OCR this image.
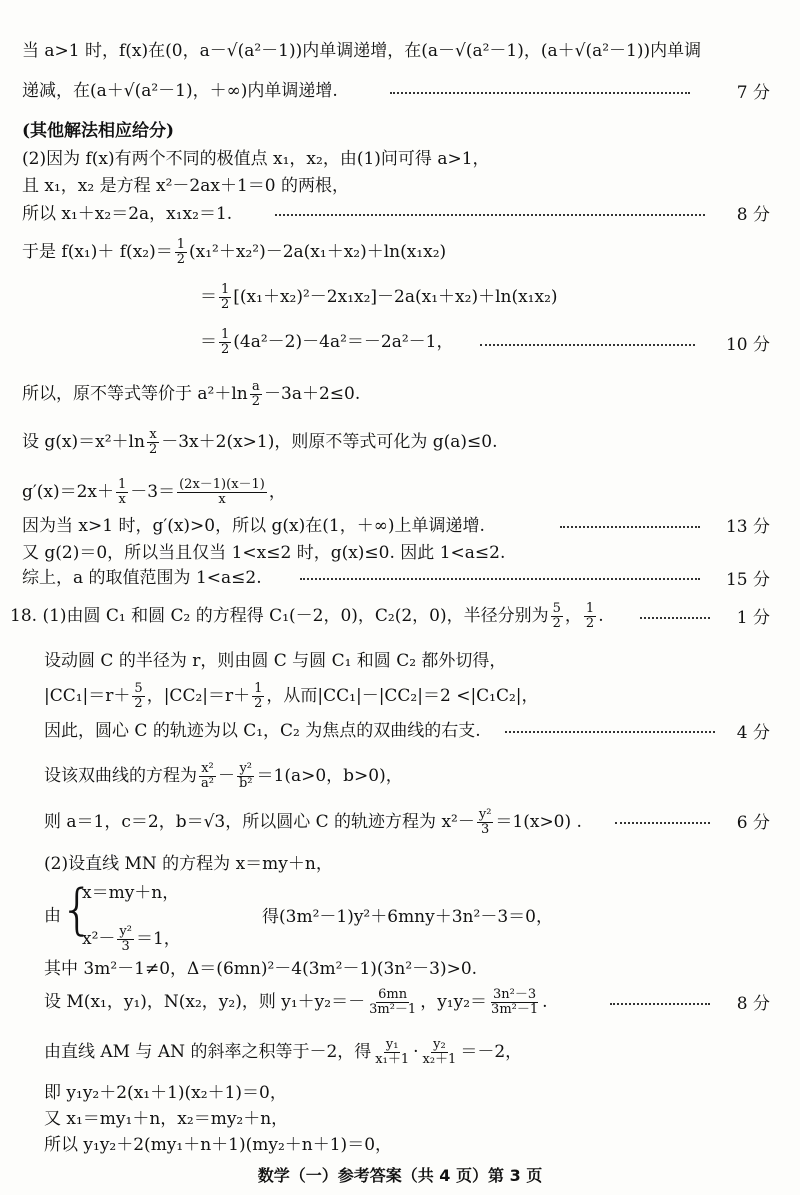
当 a>1 时，f(x)在(0，a－√(a²－1))内单调递增，在(a－√(a²－1)，(a＋√(a²－1))内单调
递减，在(a＋√(a²－1)，＋∞)内单调递增.	7 分
(其他解法相应给分)
(2)因为 f(x)有两个不同的极值点 x₁，x₂，由(1)问可得 a>1，
且 x₁，x₂ 是方程 x²－2ax＋1＝0 的两根，
所以 x₁＋x₂＝2a，x₁x₂＝1.	8 分
于是 $f(x_1)+ f(x_2)= \frac{1}{2} (x_1^2+x_2^2)-2a(x_1+x_2)+\ln(x_1x_2)$
＝ $\frac{1}{2} [(x_1+x_2)^2-2x_1x_2]-2a(x_1+x_2)+\ln(x_1x_2)$
＝ $\frac{1}{2} (4a^2-2)-4a^2=-2a^2-1$，	10 分
所以，原不等式等价于 $a^2+\ln \frac{a}{2} -3a+2\le 0$.
设 $g(x)=x^2+\ln \frac{x}{2} -3x+2(x>1)$，则原不等式可化为 g(a)≤0.
$g'(x)=2x+ \frac{1}{x} -3= \frac{(2x-1)(x-1)}{x}$ ，
因为当 x>1 时，g′(x)>0，所以 g(x)在(1，＋∞)上单调递增.	13 分
又 g(2)＝0，所以当且仅当 1<x≤2 时，g(x)≤0. 因此 1<a≤2.
综上，a 的取值范围为 1<a≤2.	15 分
18. (1)由圆 C₁ 和圆 C₂ 的方程得 C₁(－2，0)，C₂(2，0)，半径分别为 $\frac{5}{2}$ ， $\frac{1}{2}$ .	1 分
设动圆 C 的半径为 r，则由圆 C 与圆 C₁ 和圆 C₂ 都外切得，
$|CC_1|=r+ \frac{5}{2}$ ，$|CC_2|=r+ \frac{1}{2}$ ，从而|CC₁|－|CC₂|＝2 <|C₁C₂|，
因此，圆心 C 的轨迹为以 C₁，C₂ 为焦点的双曲线的右支.	4 分
设该双曲线的方程为 $\frac{\text{x²}}{\text{a²}} - \frac{\text{y²}}{\text{b²}} =1(a>0$，b>0)，
则 a＝1，c＝2，b＝√3，所以圆心 C 的轨迹方程为 $x^2- \frac{\text{y²}}{3} =1(x>0)$ .	6 分
(2)设直线 MN 的方程为 x＝my＋n，
x＝my＋n，
{
由	得(3m²－1)y²＋6mny＋3n²－3＝0，
$x^2- \frac{\text{y²}}{3} =1$，
其中 3m²－1≠0，Δ＝(6mn)²－4(3m²－1)(3n²－3)>0.
设 M(x₁，y₁)，N(x₂，y₂)，则 $y_1+y_2=- \frac{6mn}{\text{3m²－1}}$ ，$y_1y_2= \frac{\text{3n²－3}}{\text{3m²－1}}$ .	8 分
由直线 AM 与 AN 的斜率之积等于－2，得 $\frac{\text{y₁}}{\text{x₁＋1}} \cdot \frac{\text{y₂}}{\text{x₂＋1}} =-2$，
即 y₁y₂＋2(x₁＋1)(x₂＋1)＝0，
又 x₁＝my₁＋n，x₂＝my₂＋n，
所以 y₁y₂＋2(my₁＋n＋1)(my₂＋n＋1)＝0，
数学（一）参考答案（共 4 页）第 3 页
